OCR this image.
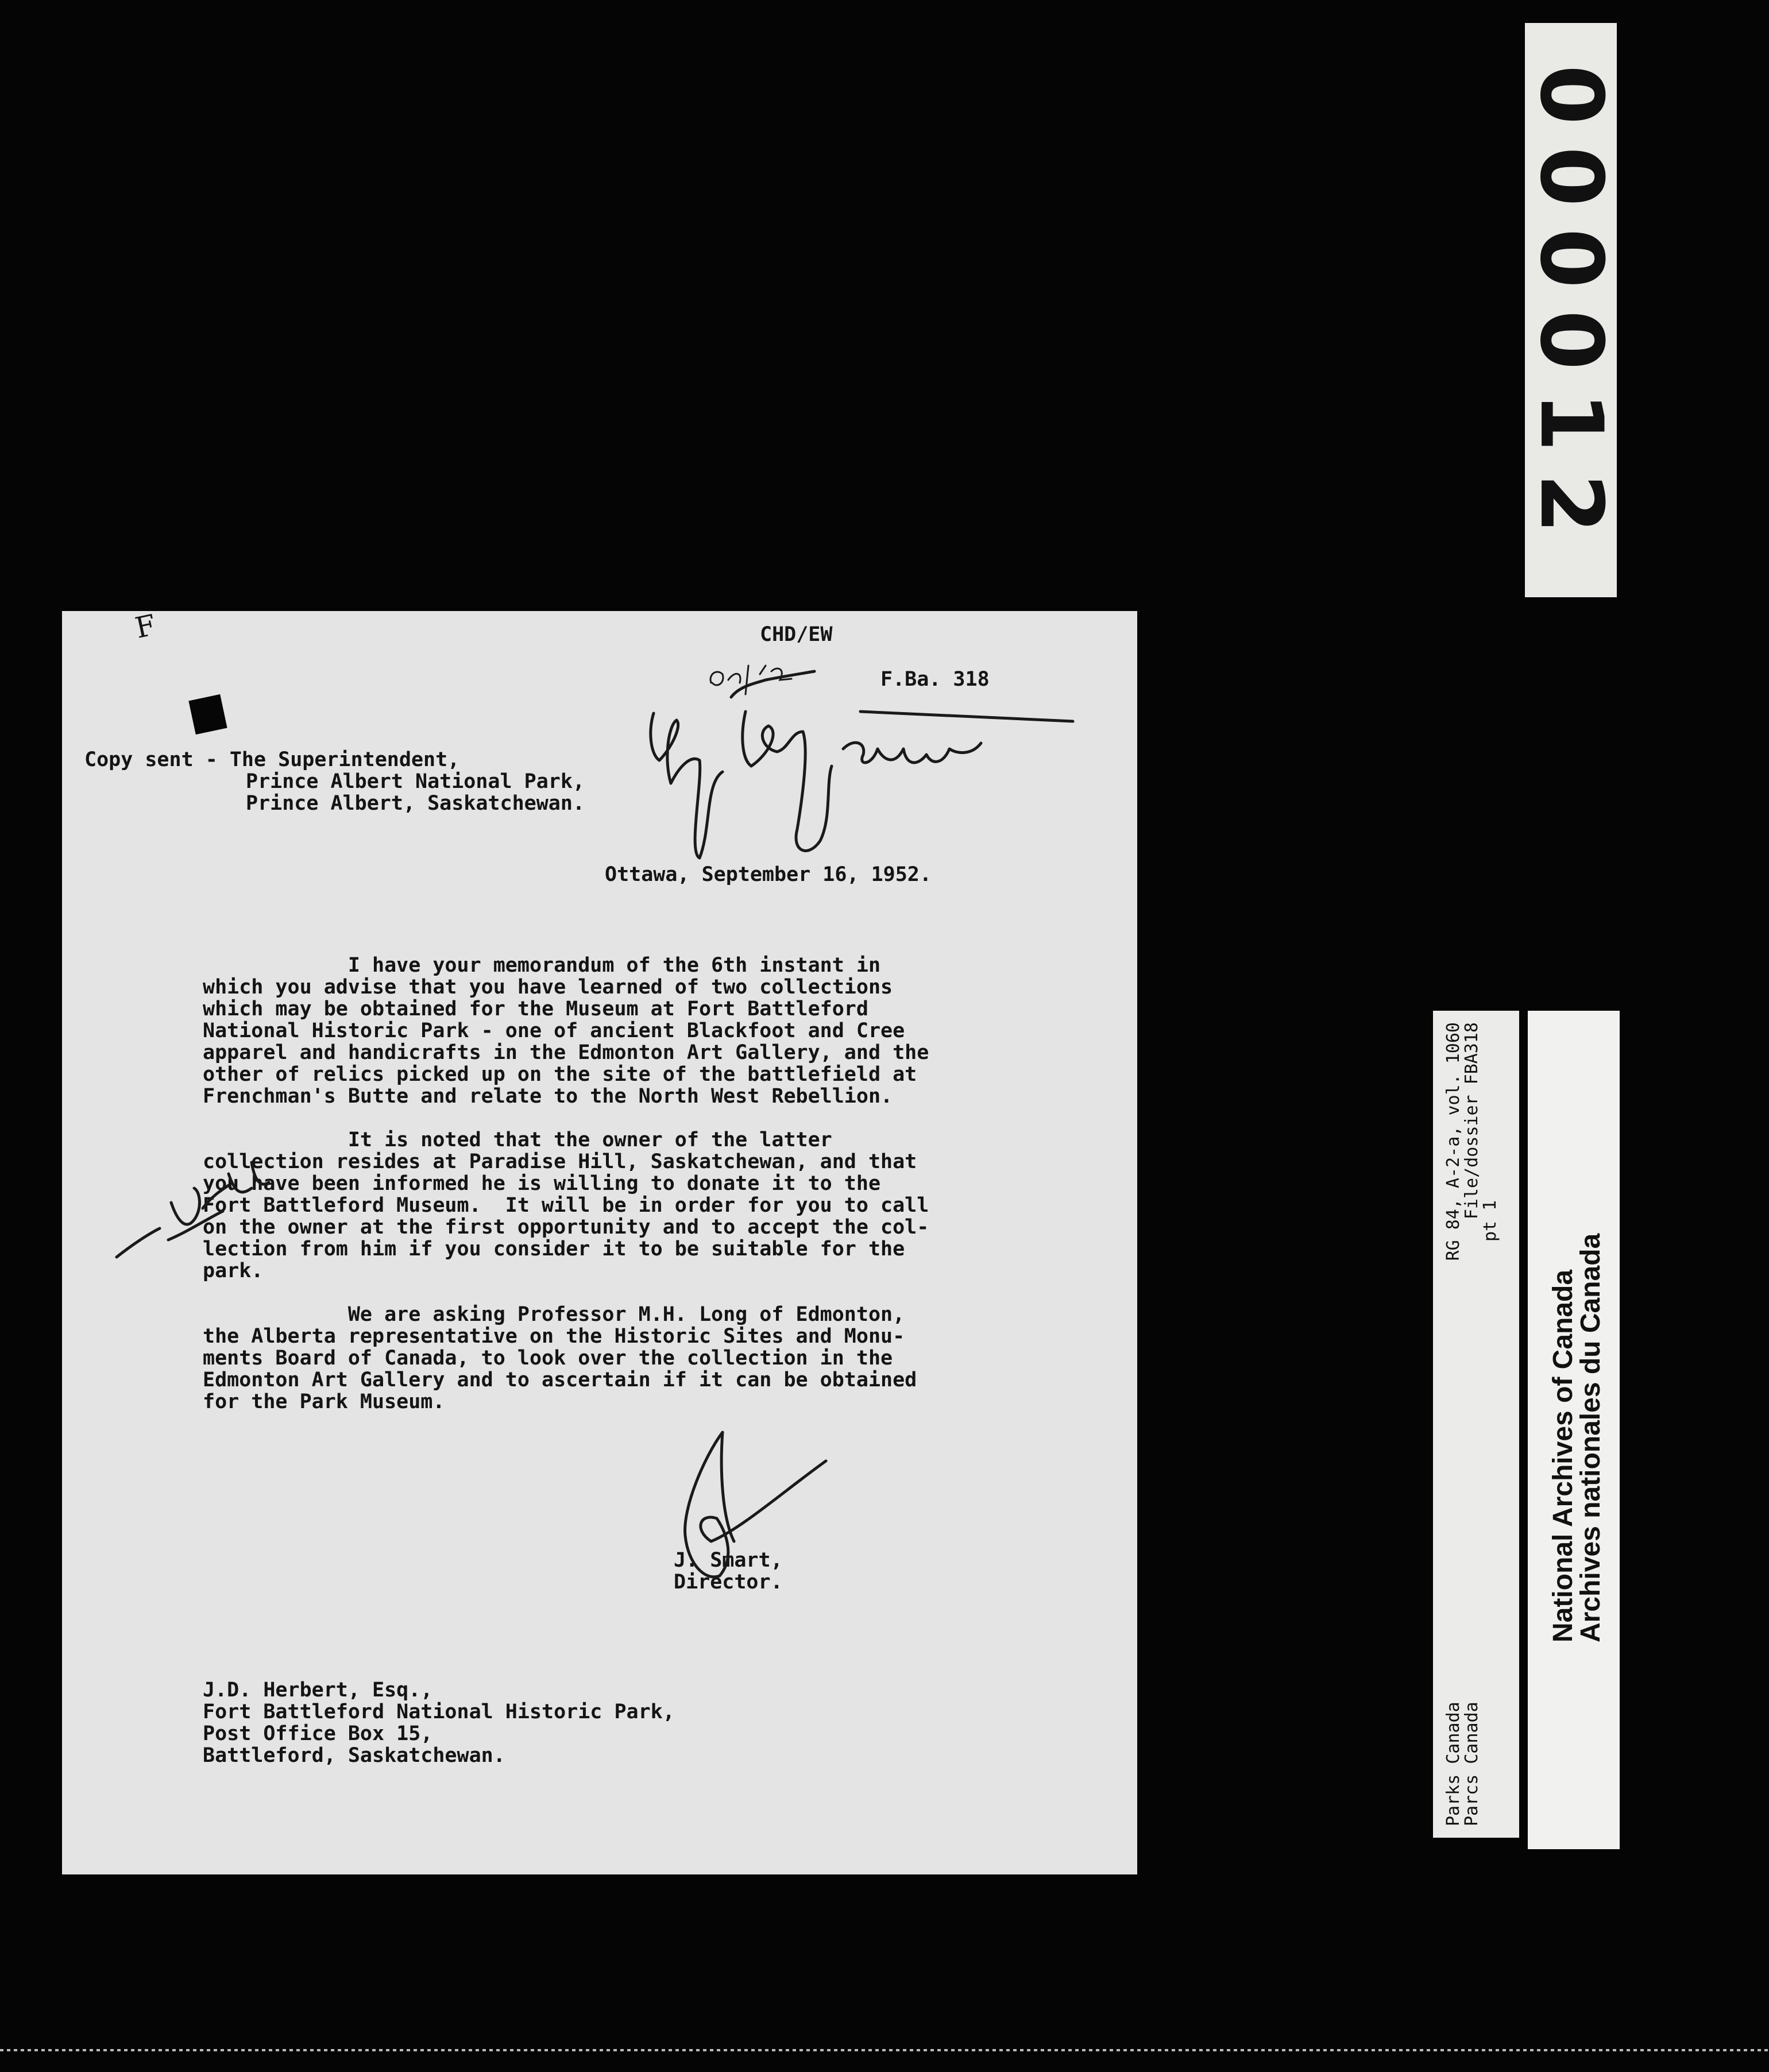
000012
CHD/EW
F.Ba. 318
F
Copy sent - The Superintendent,
Prince Albert National Park,
Prince Albert, Saskatchewan.
Ottawa, September 16, 1952.

I have your memorandum of the 6th instant in
which you advise that you have learned of two collections
which may be obtained for the Museum at Fort Battleford
National Historic Park - one of ancient Blackfoot and Cree
apparel and handicrafts in the Edmonton Art Gallery, and the
other of relics picked up on the site of the battlefield at
Frenchman's Butte and relate to the North West Rebellion.

It is noted that the owner of the latter
collection resides at Paradise Hill, Saskatchewan, and that
you have been informed he is willing to donate it to the
Fort Battleford Museum.  It will be in order for you to call
on the owner at the first opportunity and to accept the col-
lection from him if you consider it to be suitable for the
park.

We are asking Professor M.H. Long of Edmonton,
the Alberta representative on the Historic Sites and Monu-
ments Board of Canada, to look over the collection in the
Edmonton Art Gallery and to ascertain if it can be obtained
for the Park Museum.

J. Smart,
Director.
J.D. Herbert, Esq.,
Fort Battleford National Historic Park,
Post Office Box 15,
Battleford, Saskatchewan.	Parks Canada
RG 84, A-2-a, vol. 1060
Parcs Canada
File/dossier FBA318
pt 1
National Archives of Canada
Archives nationales du Canada
